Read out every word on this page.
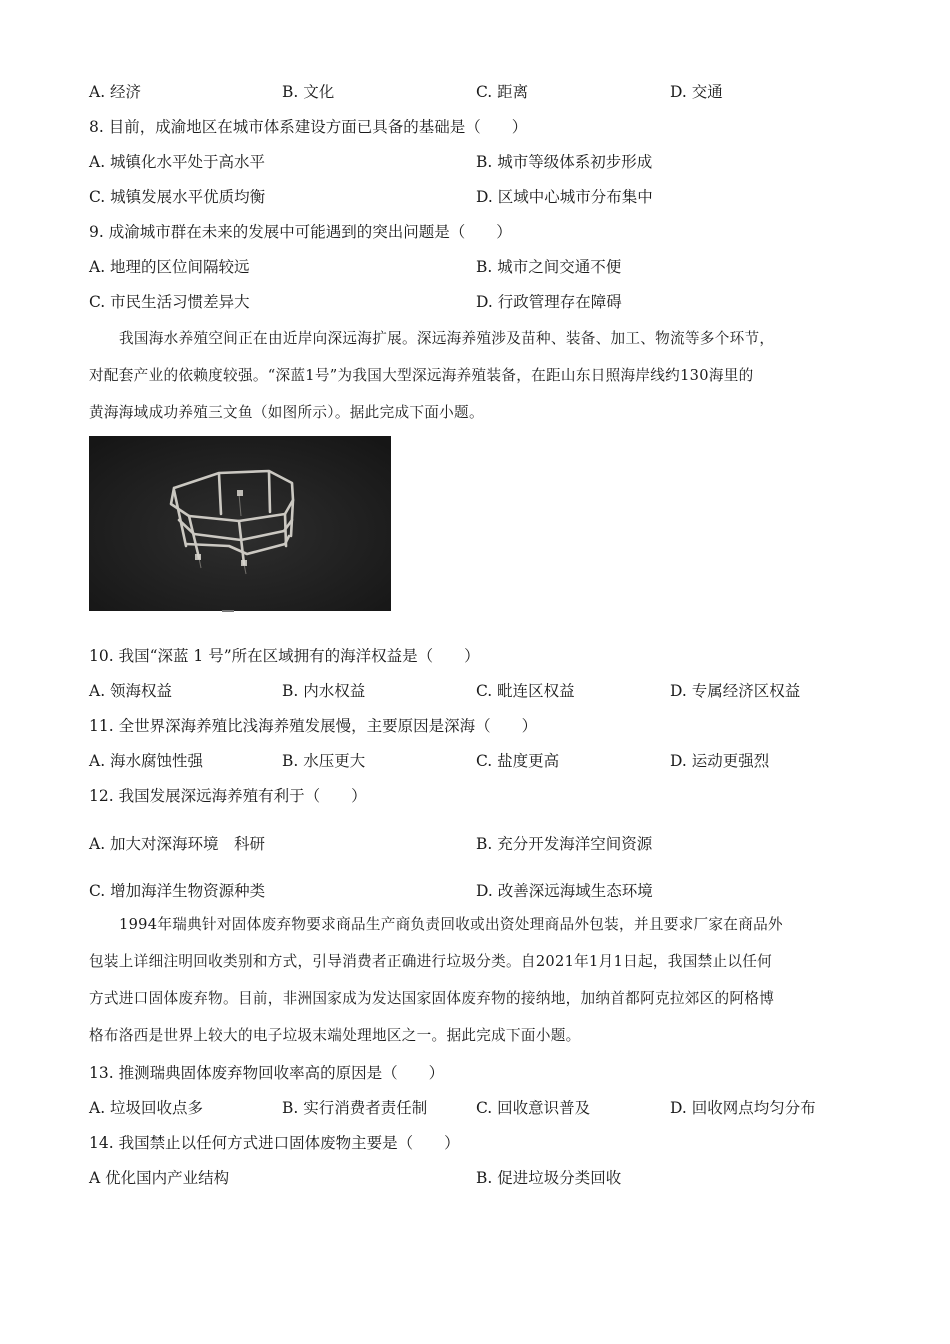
A. 经济	B. 文化	C. 距离	D. 交通
8. 目前，成渝地区在城市体系建设方面已具备的基础是（　　）
A. 城镇化水平处于高水平	B. 城市等级体系初步形成
C. 城镇发展水平优质均衡	D. 区域中心城市分布集中
9. 成渝城市群在未来的发展中可能遇到的突出问题是（　　）
A. 地理的区位间隔较远	B. 城市之间交通不便
C. 市民生活习惯差异大	D. 行政管理存在障碍
我国海水养殖空间正在由近岸向深远海扩展。深远海养殖涉及苗种、装备、加工、物流等多个环节，
对配套产业的依赖度较强。“深蓝1号”为我国大型深远海养殖装备，在距山东日照海岸线约130海里的
黄海海域成功养殖三文鱼（如图所示）。据此完成下面小题。
10. 我国“深蓝 1 号”所在区域拥有的海洋权益是（　　）
A. 领海权益	B. 内水权益	C. 毗连区权益	D. 专属经济区权益
11. 全世界深海养殖比浅海养殖发展慢，主要原因是深海（　　）
A. 海水腐蚀性强	B. 水压更大	C. 盐度更高	D. 运动更强烈
12. 我国发展深远海养殖有利于（　　）
A. 加大对深海环境　科研	B. 充分开发海洋空间资源
C. 增加海洋生物资源种类	D. 改善深远海域生态环境
1994年瑞典针对固体废弃物要求商品生产商负责回收或出资处理商品外包装，并且要求厂家在商品外
包装上详细注明回收类别和方式，引导消费者正确进行垃圾分类。自2021年1月1日起，我国禁止以任何
方式进口固体废弃物。目前，非洲国家成为发达国家固体废弃物的接纳地，加纳首都阿克拉郊区的阿格博
格布洛西是世界上较大的电子垃圾末端处理地区之一。据此完成下面小题。
13. 推测瑞典固体废弃物回收率高的原因是（　　）
A. 垃圾回收点多	B. 实行消费者责任制	C. 回收意识普及	D. 回收网点均匀分布
14. 我国禁止以任何方式进口固体废物主要是（　　）
A 优化国内产业结构	B. 促进垃圾分类回收
